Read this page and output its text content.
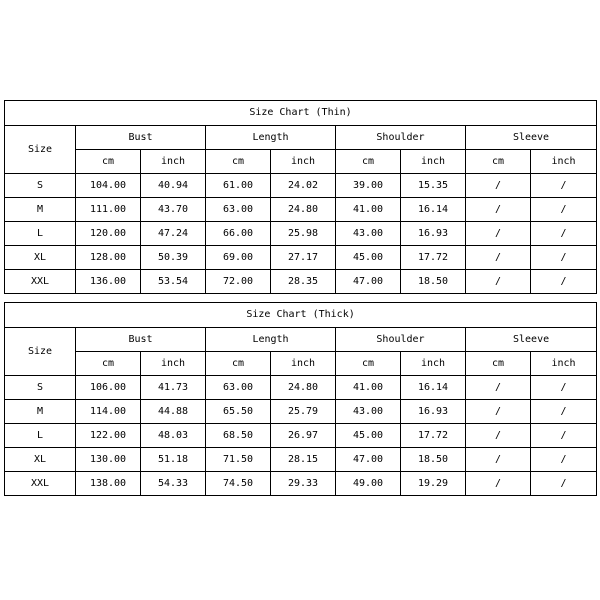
Size Chart (Thin)								
Size	Bust		Length		Shoulder		Sleeve	
	cm	inch	cm	inch	cm	inch	cm	inch
S	104.00	40.94	61.00	24.02	39.00	15.35	/	/
M	111.00	43.70	63.00	24.80	41.00	16.14	/	/
L	120.00	47.24	66.00	25.98	43.00	16.93	/	/
XL	128.00	50.39	69.00	27.17	45.00	17.72	/	/
XXL	136.00	53.54	72.00	28.35	47.00	18.50	/	/
Size Chart (Thick)								
Size	Bust		Length		Shoulder		Sleeve	
	cm	inch	cm	inch	cm	inch	cm	inch
S	106.00	41.73	63.00	24.80	41.00	16.14	/	/
M	114.00	44.88	65.50	25.79	43.00	16.93	/	/
L	122.00	48.03	68.50	26.97	45.00	17.72	/	/
XL	130.00	51.18	71.50	28.15	47.00	18.50	/	/
XXL	138.00	54.33	74.50	29.33	49.00	19.29	/	/
